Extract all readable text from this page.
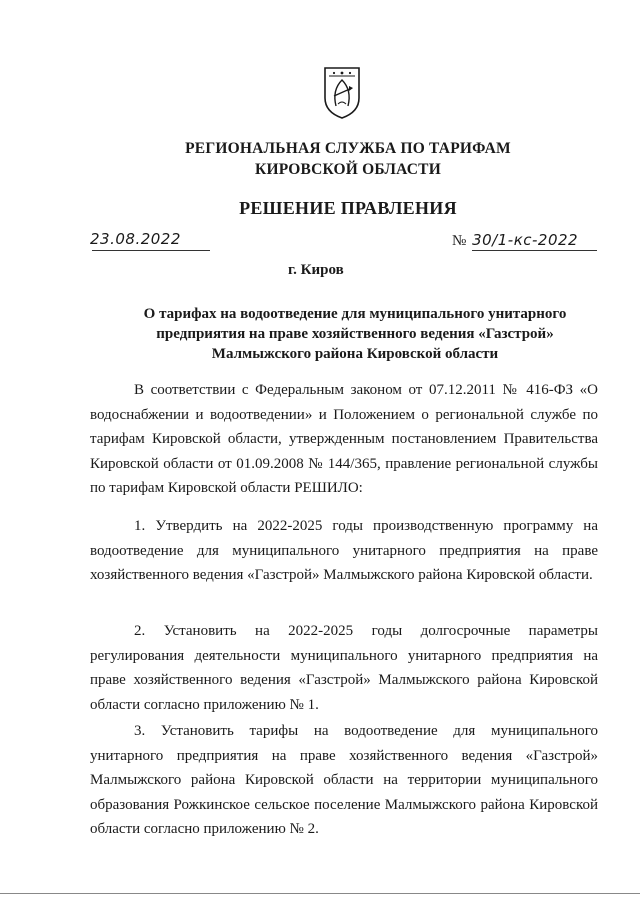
РЕГИОНАЛЬНАЯ СЛУЖБА ПО ТАРИФАМ
КИРОВСКОЙ ОБЛАСТИ
РЕШЕНИЕ ПРАВЛЕНИЯ
23.08.2022	№ 30/1-кс-2022
г. Киров
О тарифах на водоотведение для муниципального унитарного предприятия на праве хозяйственного ведения «Газстрой» Малмыжского района Кировской области
В соответствии с Федеральным законом от 07.12.2011 № 416-ФЗ «О водоснабжении и водоотведении» и Положением о региональной службе по тарифам Кировской области, утвержденным постановлением Правительства Кировской области от 01.09.2008 № 144/365, правление региональной службы по тарифам Кировской области РЕШИЛО:
1. Утвердить на 2022-2025 годы производственную программу на водоотведение для муниципального унитарного предприятия на праве хозяйственного ведения «Газстрой» Малмыжского района Кировской области.
2. Установить на 2022-2025 годы долгосрочные параметры регулирования деятельности муниципального унитарного предприятия на праве хозяйственного ведения «Газстрой» Малмыжского района Кировской области согласно приложению № 1.
3. Установить тарифы на водоотведение для муниципального унитарного предприятия на праве хозяйственного ведения «Газстрой» Малмыжского района Кировской области на территории муниципального образования Рожкинское сельское поселение Малмыжского района Кировской области согласно приложению № 2.
